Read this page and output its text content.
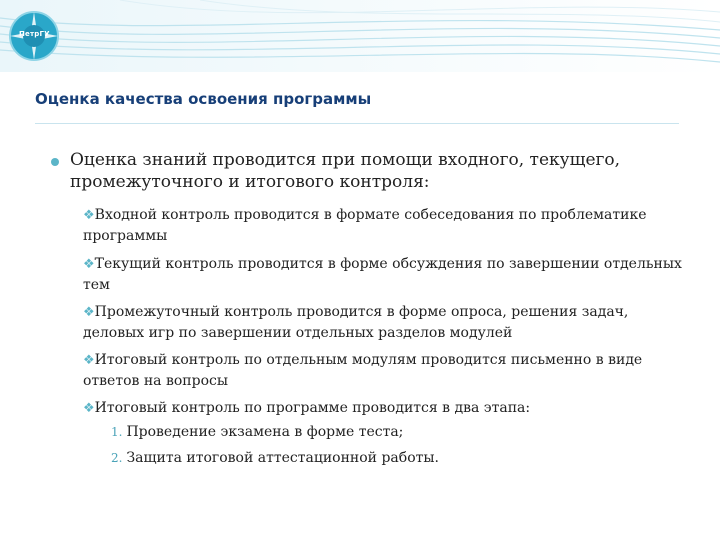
ПетрГУ
Оценка качества освоения программы
Оценка знаний проводится при помощи входного, текущего, промежуточного и итогового контроля:
❖Входной контроль проводится в формате собеседования по проблематике программы
❖Текущий контроль проводится в форме обсуждения по завершении отдельных тем
❖Промежуточный контроль проводится в форме опроса, решения задач, деловых игр по завершении отдельных разделов модулей
❖Итоговый контроль по отдельным модулям проводится письменно в виде ответов на вопросы
❖Итоговый контроль по программе проводится в два этапа:
1. Проведение экзамена в форме теста;
2. Защита итоговой аттестационной работы.
